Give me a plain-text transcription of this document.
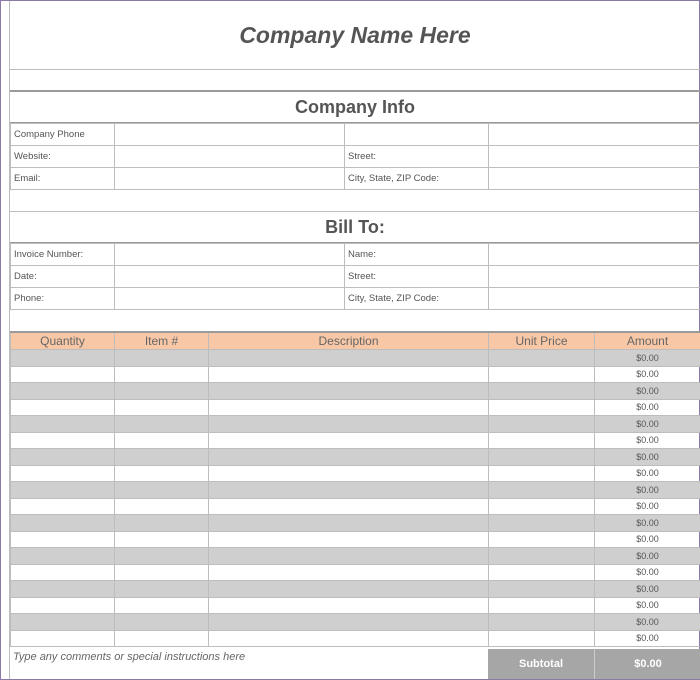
Company Name Here
Company Info
Company Phone			
Website:		Street:	
Email:		City, State, ZIP Code:	
Bill To:
Invoice Number:		Name:	
Date:		Street:	
Phone:		City, State, ZIP Code:	
Quantity	Item #	Description	Unit Price	Amount
				$0.00
				$0.00
				$0.00
				$0.00
				$0.00
				$0.00
				$0.00
				$0.00
				$0.00
				$0.00
				$0.00
				$0.00
				$0.00
				$0.00
				$0.00
				$0.00
				$0.00
				$0.00
Type any comments or special instructions here
Subtotal	$0.00
